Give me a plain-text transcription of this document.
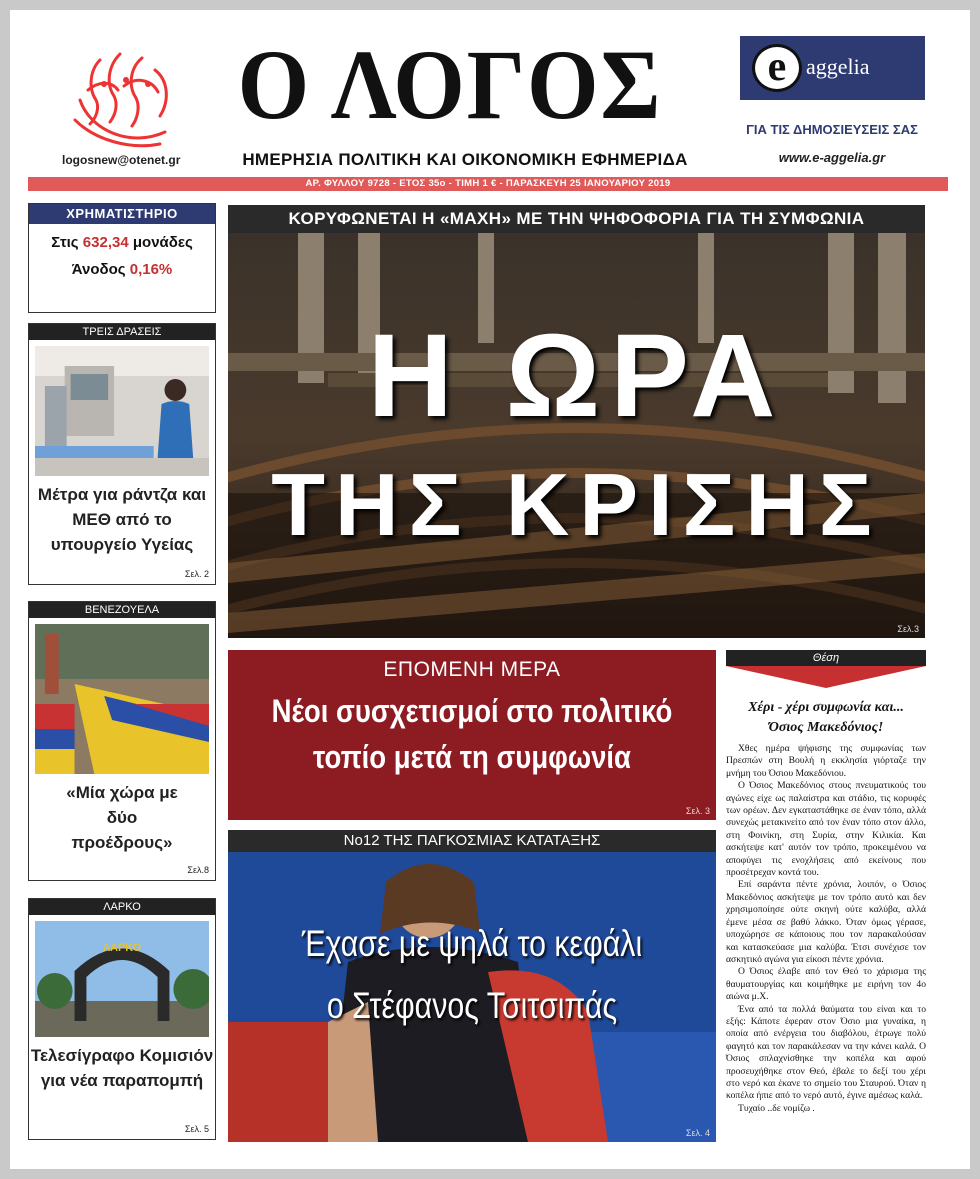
logosnew@otenet.gr
Ο ΛΟΓΟΣ
ΗΜΕΡΗΣΙΑ ΠΟΛΙΤΙΚΗ ΚΑΙ ΟΙΚΟΝΟΜΙΚΗ ΕΦΗΜΕΡΙΔΑ
e aggelia
ΓΙΑ ΤΙΣ ΔΗΜΟΣΙΕΥΣΕΙΣ ΣΑΣ
www.e-aggelia.gr
ΑΡ. ΦΥΛΛΟΥ 9728 - ΕΤΟΣ 35ο - ΤΙΜΗ 1 € - ΠΑΡΑΣΚΕΥΗ 25 ΙΑΝΟΥΑΡΙΟΥ 2019
ΧΡΗΜΑΤΙΣΤΗΡΙΟ
Στις 632,34 μονάδες
Άνοδος 0,16%
ΤΡΕΙΣ ΔΡΑΣΕΙΣ
Μέτρα για ράντζα και ΜΕΘ από το υπουργείο Υγείας
Σελ. 2
ΒΕΝΕΖΟΥΕΛΑ
«Μία χώρα με δύο προέδρους»
Σελ.8
ΛΑΡΚΟ
ΛΑΡΚΟ
Τελεσίγραφο Κομισιόν για νέα παραπομπή
Σελ. 5
ΚΟΡΥΦΩΝΕΤΑΙ Η «ΜΑΧΗ» ΜΕ ΤΗΝ ΨΗΦΟΦΟΡΙΑ ΓΙΑ ΤΗ ΣΥΜΦΩΝΙΑ
Η ΩΡΑ
ΤΗΣ ΚΡΙΣΗΣ
Σελ.3
ΕΠΟΜΕΝΗ ΜΕΡΑ
Νέοι συσχετισμοί στο πολιτικό
τοπίο μετά τη συμφωνία
Σελ. 3
Νο12 ΤΗΣ ΠΑΓΚΟΣΜΙΑΣ ΚΑΤΑΤΑΞΗΣ
Έχασε με ψηλά το κεφάλι
ο Στέφανος Τσιτσιπάς
Σελ. 4
Θέση
Χέρι - χέρι συμφωνία και...
Όσιος Μακεδόνιος!

Χθες ημέρα ψήφισης της συμφωνίας των Πρεσπών στη Βουλή η εκκλησία γιόρταζε την μνήμη του Όσιου Μακεδόνιου.

Ο Όσιος Μακεδόνιος στους πνευματικούς του αγώνες είχε ως παλαίστρα και στάδιο, τις κορυφές των ορέων. Δεν εγκαταστάθηκε σε έναν τόπο, αλλά συνεχώς μετακινείτο από τον έναν τόπο στον άλλο, στη Φοινίκη, στη Συρία, στην Κιλικία. Και ασκήτεψε κατ' αυτόν τον τρόπο, προκειμένου να αποφύγει τις ενοχλήσεις από εκείνους που προσέτρεχαν κοντά του.

Επί σαράντα πέντε χρόνια, λοιπόν, ο Όσιος Μακεδόνιος ασκήτεψε με τον τρόπο αυτό και δεν χρησιμοποίησε ούτε σκηνή ούτε καλύβα, αλλά έμενε μέσα σε βαθύ λάκκο. Όταν όμως γέρασε, υποχώρησε σε κάποιους που τον παρακαλούσαν και κατασκεύασε μια καλύβα. Έτσι συνέχισε τον ασκητικό αγώνα για είκοσι πέντε χρόνια.

Ο Όσιος έλαβε από τον Θεό το χάρισμα της θαυματουργίας και κοιμήθηκε με ειρήνη τον 4ο αιώνα μ.Χ.

Ένα από τα πολλά θαύματα του είναι και το εξής: Κάποτε έφεραν στον Όσιο μια γυναίκα, η οποία από ενέργεια του διαβόλου, έτρωγε πολύ φαγητό και τον παρακάλεσαν να την κάνει καλά. Ο Όσιος σπλαχνίσθηκε την κοπέλα και αφού προσευχήθηκε στον Θεό, έβαλε το δεξί του χέρι στο νερό και έκανε το σημείο του Σταυρού. Όταν η κοπέλα ήπιε από το νερό αυτό, έγινε αμέσως καλά.

Τυχαίο ..δε νομίζω .
